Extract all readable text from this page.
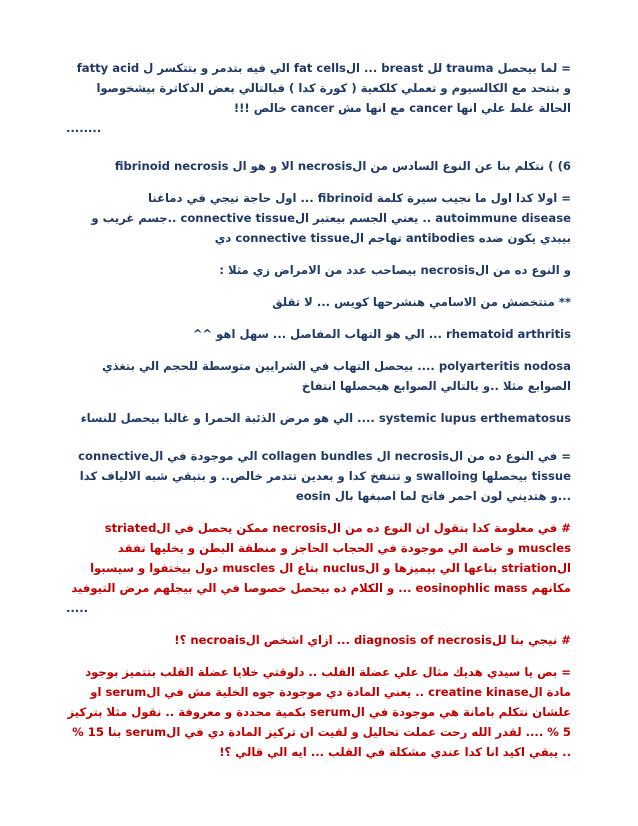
= لما بيحصل trauma لل breast ... الfat cells الي فيه بتدمر و بتتكسر ل fatty acid و بتتحد مع الكالسيوم و تعملي كلكعية ( كورة كدا ) فبالتالي بعض الدكاترة بيشخوصوا الحالة غلط علي انها cancer مع انها مش cancer خالص !!!

........

6) ) نتكلم بنا عن النوع السادس من الnecrosis الا و هو ال fibrinoid necrosis

= اولا كدا اول ما نجيب سيرة كلمة fibrinoid ... اول حاجة تيجي في دماغنا autoimmune disease .. يعني الجسم بيعتبر الconnective tissue ..جسم غريب و بيبدي يكون ضده antibodies تهاجم الconnective tissue دي

و النوع ده من الnecrosis بيصاحب عدد من الامراض زي مثلا :

** متتخضش من الاسامي هنشرحها كويس ... لا تقلق

rhematoid arthritis ... الي هو التهاب المفاصل ... سهل اهو ^^

polyarteritis nodosa .... بيحصل التهاب في الشرايين متوسطة للحجم الي بتغذي الصوابع مثلا ..و بالتالي الصوابع هيحصلها انتفاخ

systemic lupus erthematosus .... الي هو مرض الذئبة الحمرا و غالبا بيحصل للنساء

= في النوع ده من الnecrosis ال collagen bundles الي موجودة في الconnective tissue بيحصلها swalloing و تتنفخ كدا و بعدين تتدمر خالص.. و بتبقي شبه الالياف كدا ...و هتديني لون احمر فاتح لما اصبغها بال eosin

# في معلومة كدا بتقول ان النوع ده من الnecrosis ممكن يحصل في الstriated muscles و خاصة الي موجودة في الحجاب الحاجز و منطقة البطن و يخليها تفقد الstriation بتاعها الي بيميزها و الnuclus بتاع ال muscles دول بيختفوا و سيسبوا مكانهم eosinophlic mass ... و الكلام ده بيحصل خصوصا في الي بيجلهم مرض التيوفيد

.....

# نيجي بنا للdiagnosis of necrosis ... ازاي اشخص الnecroais ؟!

= بص يا سيدي هديك مثال علي عضلة القلب .. دلوقتي خلايا عضلة القلب بتتميز بوجود مادة الcreatine kinase .. يعني المادة دي موجودة جوه الخلية مش في الserum او علشان نتكلم بامانة هي موجودة في الserum بكمية محددة و معروفة .. نقول مثلا بتركيز 5 % .... لقدر الله رحت عملت تحاليل و لقيت ان تركيز المادة دي في الserum بنا 15 % .. يبقي اكيد انا كدا عندي مشكلة في القلب ... ايه الي قالي ؟!
